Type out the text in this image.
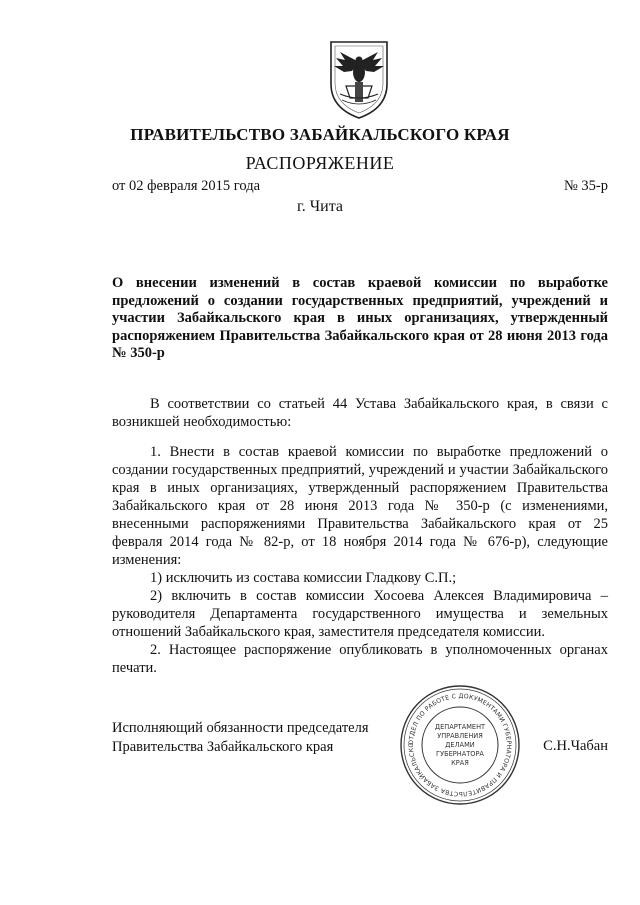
ПРАВИТЕЛЬСТВО ЗАБАЙКАЛЬСКОГО КРАЯ
РАСПОРЯЖЕНИЕ
от 02 февраля 2015 года	№ 35-р
г. Чита
О внесении изменений в состав краевой комиссии по выработке предложений о создании государственных предприятий, учреждений и участии Забайкальского края в иных организациях, утвержденный распоряжением Правительства Забайкальского края от 28 июня 2013 года № 350-р

В соответствии со статьей 44 Устава Забайкальского края, в связи с возникшей необходимостью:

1. Внести в состав краевой комиссии по выработке предложений о создании государственных предприятий, учреждений и участии Забайкальского края в иных организациях, утвержденный распоряжением Правительства Забайкальского края от 28 июня 2013 года № 350-р (с изменениями, внесенными распоряжениями Правительства Забайкальского края от 25 февраля 2014 года № 82-р, от 18 ноября 2014 года № 676-р), следующие изменения:

1) исключить из состава комиссии Гладкову С.П.;

2) включить в состав комиссии Хосоева Алексея Владимировича – руководителя Департамента государственного имущества и земельных отношений Забайкальского края, заместителя председателя комиссии.

2. Настоящее распоряжение опубликовать в уполномоченных органах печати.

Исполняющий обязанности председателя
Правительства Забайкальского края	С.Н.Чабан
ОТДЕЛ ПО РАБОТЕ С ДОКУМЕНТАМИ ГУБЕРНАТОРА И ПРАВИТЕЛЬСТВА ЗАБАЙКАЛЬСКО
ДЕПАРТАМЕНТ
УПРАВЛЕНИЯ
ДЕЛАМИ
ГУБЕРНАТОРА
КРАЯ
